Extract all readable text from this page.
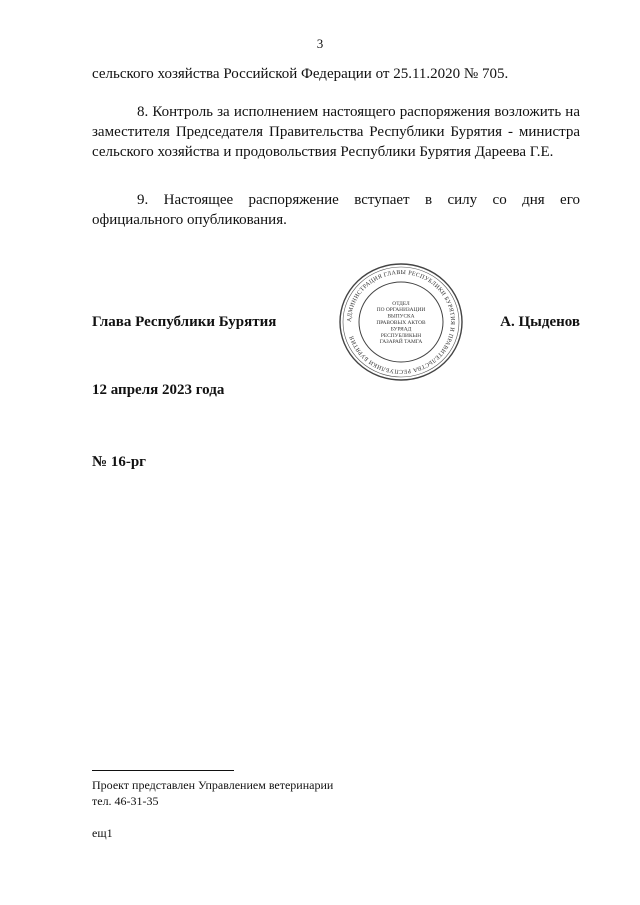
3

сельского хозяйства Российской Федерации от 25.11.2020 № 705.

8. Контроль за исполнением настоящего распоряжения возложить на заместителя Председателя Правительства Республики Бурятия - министра сельского хозяйства и продовольствия Республики Бурятия Дареева Г.Е.

9. Настоящее распоряжение вступает в силу со дня его официального опубликования.

Глава Республики Бурятия	АДМИНИСТРАЦИЯ ГЛАВЫ РЕСПУБЛИКИ БУРЯТИЯ И ПРАВИТЕЛЬСТВА РЕСПУБЛИКИ БУРЯТИЯ
ОТДЕЛ
ПО ОРГАНИЗАЦИИ
ВЫПУСКА
ПРАВОВЫХ АКТОВ
БУРЯАД
РЕСПУБЛИКЫН
ГАЗАРАЙ ТАМГА
А. Цыденов
12 апреля 2023 года
№ 16-рг
Проект представлен Управлением ветеринарии
тел. 46-31-35
ещ1
